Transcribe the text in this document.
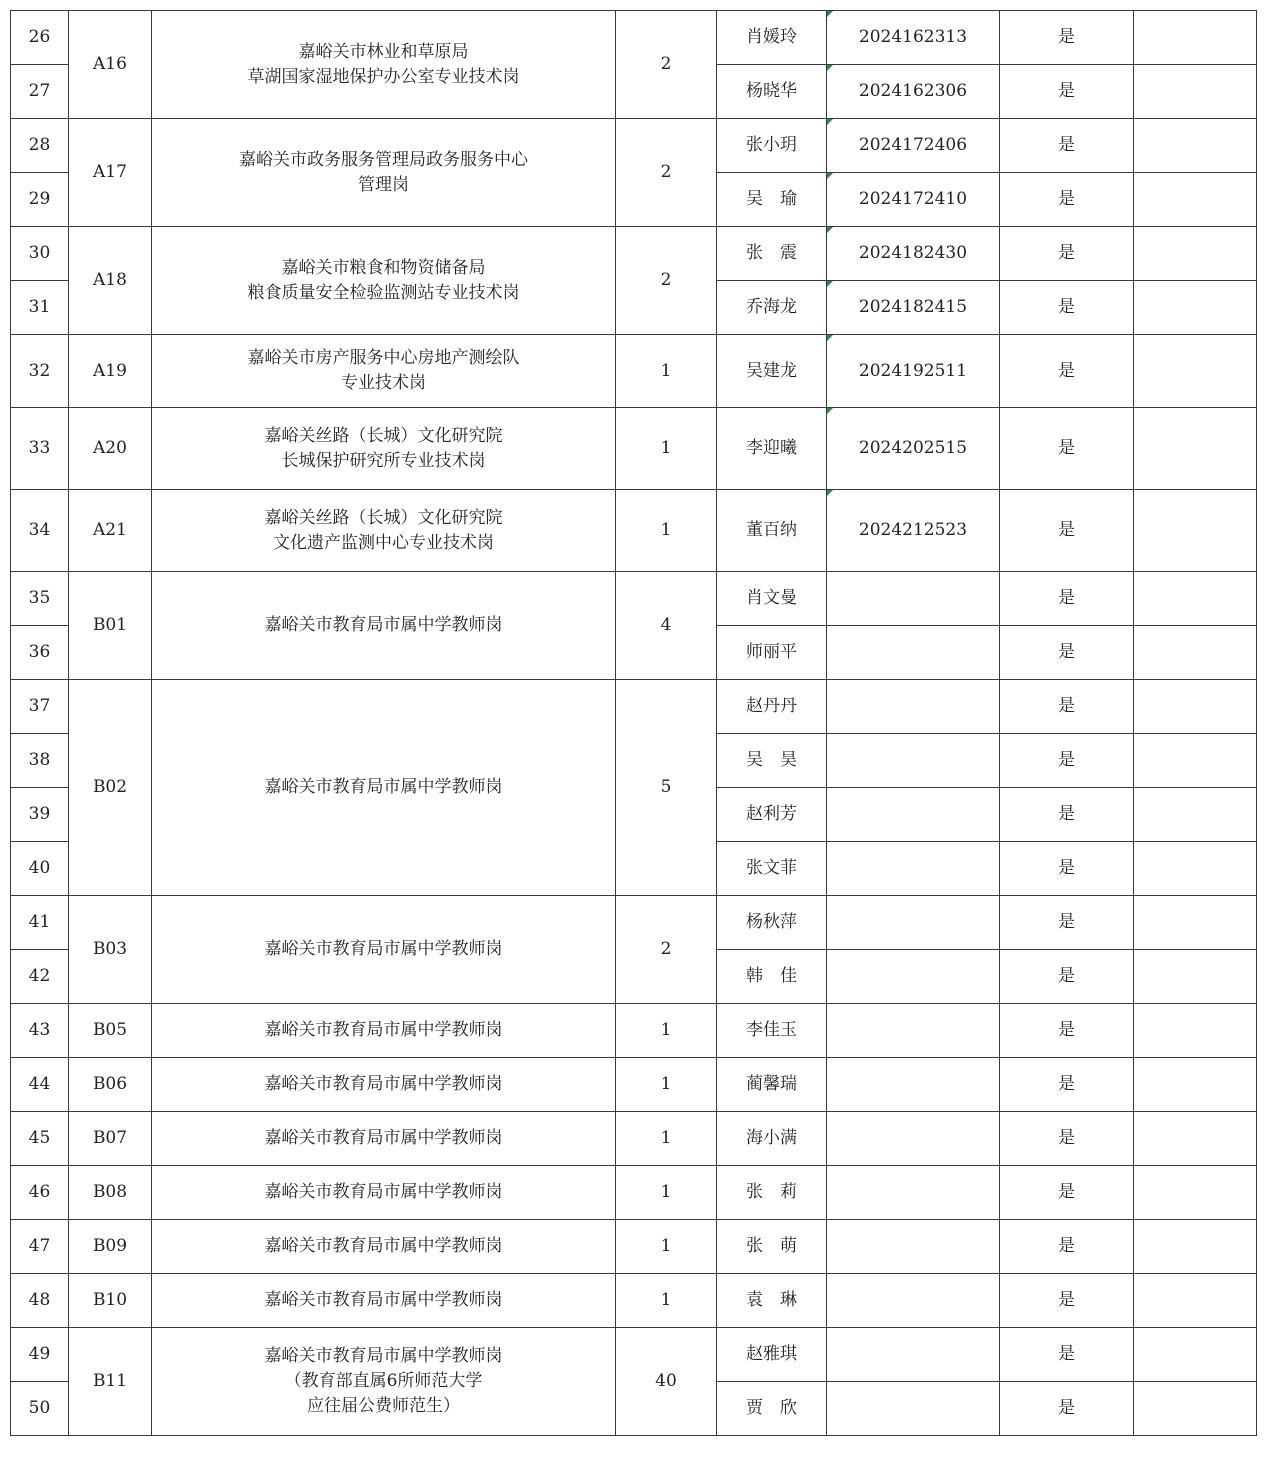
26	A16	嘉峪关市林业和草原局
草湖国家湿地保护办公室专业技术岗	2	肖媛玲	2024162313	是	
27				杨晓华	2024162306	是	
28	A17	嘉峪关市政务服务管理局政务服务中心
管理岗	2	张小玥	2024172406	是	
29				吴　瑜	2024172410	是	
30	A18	嘉峪关市粮食和物资储备局
粮食质量安全检验监测站专业技术岗	2	张　震	2024182430	是	
31				乔海龙	2024182415	是	
32	A19	嘉峪关市房产服务中心房地产测绘队
专业技术岗	1	吴建龙	2024192511	是	
33	A20	嘉峪关丝路（长城）文化研究院
长城保护研究所专业技术岗	1	李迎曦	2024202515	是	
34	A21	嘉峪关丝路（长城）文化研究院
文化遗产监测中心专业技术岗	1	董百纳	2024212523	是	
35	B01	嘉峪关市教育局市属中学教师岗	4	肖文曼		是	
36				师丽平		是	
37	B02	嘉峪关市教育局市属中学教师岗	5	赵丹丹		是	
38				吴　昊		是	
39				赵利芳		是	
40				张文菲		是	
41	B03	嘉峪关市教育局市属中学教师岗	2	杨秋萍		是	
42				韩　佳		是	
43	B05	嘉峪关市教育局市属中学教师岗	1	李佳玉		是	
44	B06	嘉峪关市教育局市属中学教师岗	1	蔺馨瑞		是	
45	B07	嘉峪关市教育局市属中学教师岗	1	海小满		是	
46	B08	嘉峪关市教育局市属中学教师岗	1	张　莉		是	
47	B09	嘉峪关市教育局市属中学教师岗	1	张　萌		是	
48	B10	嘉峪关市教育局市属中学教师岗	1	袁　琳		是	
49	B11	嘉峪关市教育局市属中学教师岗
（教育部直属6所师范大学
应往届公费师范生）	40	赵雅琪		是	
50				贾　欣		是	
